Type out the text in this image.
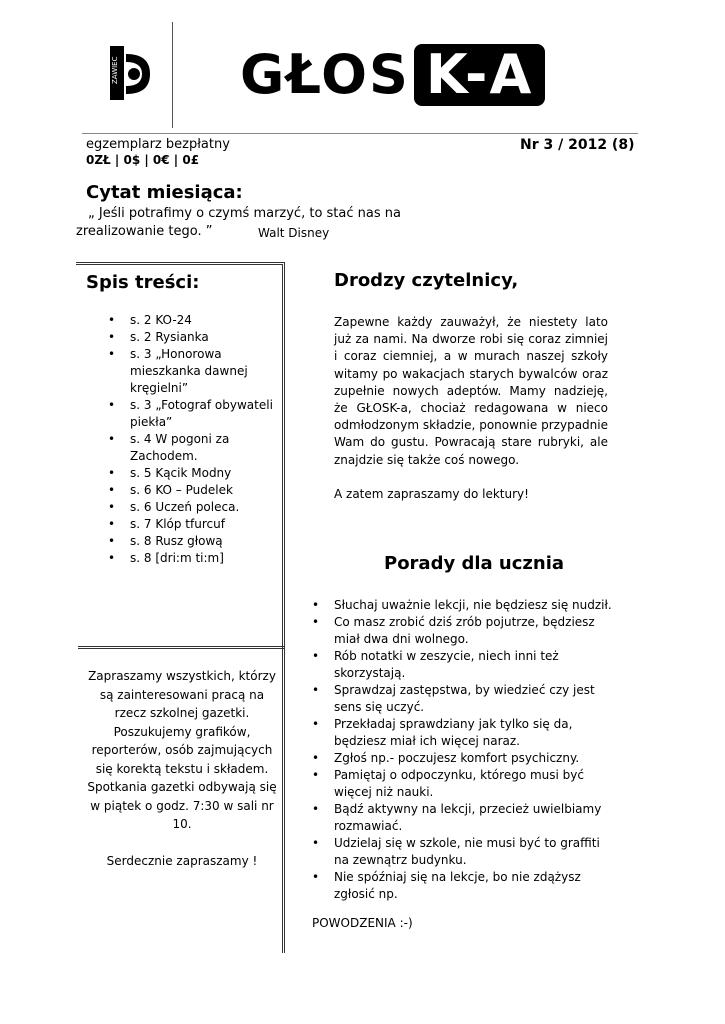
ZAWIEC GŁOS K-A
egzemplarz bezpłatny
0ZŁ | 0$ | 0€ | 0£
Nr 3 / 2012 (8)
Cytat miesiąca:
„ Jeśli potrafimy o czymś marzyć, to stać nas na
zrealizowanie tego. ”	Walt Disney
Spis treści:
• s. 2 KO-24
• s. 2 Rysianka
• s. 3 „Honorowa mieszkanka dawnej kręgielni”
• s. 3 „Fotograf obywateli piekła”
• s. 4 W pogoni za Zachodem.
• s. 5 Kącik Modny
• s. 6 KO – Pudelek
• s. 6 Uczeń poleca.
• s. 7 Klóp tfurcuf
• s. 8 Rusz głową
• s. 8 [dri:m ti:m]

Zapraszamy wszystkich, którzy są zainteresowani pracą na rzecz szkolnej gazetki. Poszukujemy grafików, reporterów, osób zajmujących się korektą tekstu i składem. Spotkania gazetki odbywają się w piątek o godz. 7:30 w sali nr 10.

Serdecznie zapraszamy !

Drodzy czytelnicy,

Zapewne każdy zauważył, że niestety lato już za nami. Na dworze robi się coraz zimniej i coraz ciemniej, a w murach naszej szkoły witamy po wakacjach starych bywalców oraz zupełnie nowych adeptów. Mamy nadzieję, że GŁOSK-a, chociaż redagowana w nieco odmłodzonym składzie, ponownie przypadnie Wam do gustu. Powracają stare rubryki, ale znajdzie się także coś nowego.

A zatem zapraszamy do lektury!

Porady dla ucznia
• Słuchaj uważnie lekcji, nie będziesz się nudził.
• Co masz zrobić dziś zrób pojutrze, będziesz miał dwa dni wolnego.
• Rób notatki w zeszycie, niech inni też skorzystają.
• Sprawdzaj zastępstwa, by wiedzieć czy jest sens się uczyć.
• Przekładaj sprawdziany jak tylko się da, będziesz miał ich więcej naraz.
• Zgłoś np.- poczujesz komfort psychiczny.
• Pamiętaj o odpoczynku, którego musi być więcej niż nauki.
• Bądź aktywny na lekcji, przecież uwielbiamy rozmawiać.
• Udzielaj się w szkole, nie musi być to graffiti na zewnątrz budynku.
• Nie spóźniaj się na lekcje, bo nie zdążysz zgłosić np.
POWODZENIA :-)
